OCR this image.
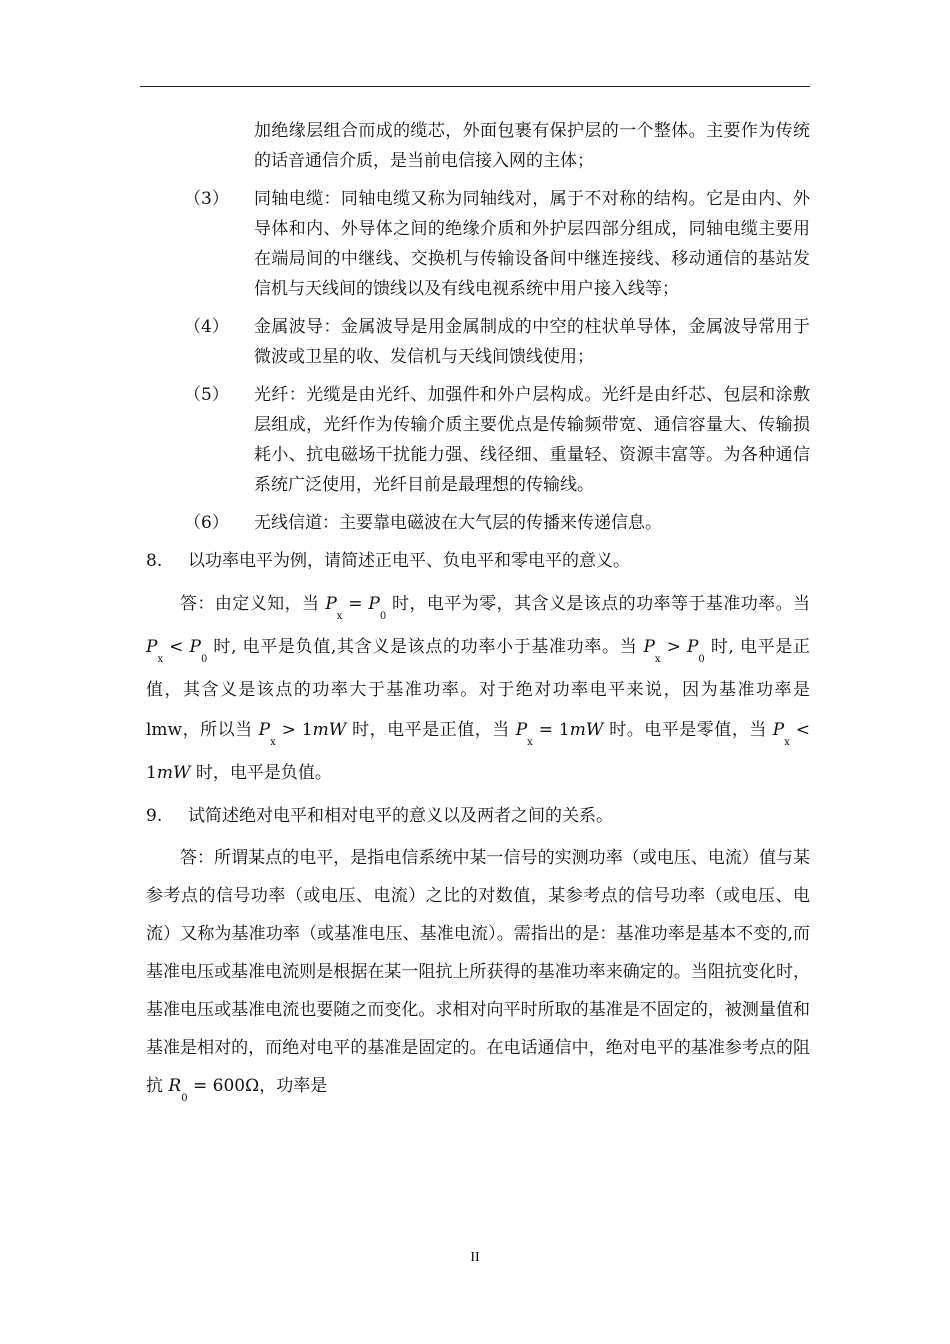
加绝缘层组合而成的缆芯，外面包裹有保护层的一个整体。主要作为传统的话音通信介质，是当前电信接入网的主体；
（3）	同轴电缆：同轴电缆又称为同轴线对，属于不对称的结构。它是由内、外导体和内、外导体之间的绝缘介质和外护层四部分组成，同轴电缆主要用在端局间的中继线、交换机与传输设备间中继连接线、移动通信的基站发信机与天线间的馈线以及有线电视系统中用户接入线等；
（4）	金属波导：金属波导是用金属制成的中空的柱状单导体，金属波导常用于微波或卫星的收、发信机与天线间馈线使用；
（5）	光纤：光缆是由光纤、加强件和外户层构成。光纤是由纤芯、包层和涂敷层组成，光纤作为传输介质主要优点是传输频带宽、通信容量大、传输损耗小、抗电磁场干扰能力强、线径细、重量轻、资源丰富等。为各种通信系统广泛使用，光纤目前是最理想的传输线。
（6）	无线信道：主要靠电磁波在大气层的传播来传递信息。
8.	以功率电平为例，请简述正电平、负电平和零电平的意义。

答：由定义知，当 $P_x = P_0$ 时，电平为零，其含义是该点的功率等于基准功率。当 $P_x < P_0$ 时, 电平是负值,其含义是该点的功率小于基准功率。当 $P_x > P_0$ 时, 电平是正值，其含义是该点的功率大于基准功率。对于绝对功率电平来说，因为基准功率是 lmw，所以当 $P_x > 1mW$ 时，电平是正值，当 $P_x = 1mW$ 时。电平是零值，当 $P_x < 1mW$ 时，电平是负值。

9.	试简述绝对电平和相对电平的意义以及两者之间的关系。

答：所谓某点的电平，是指电信系统中某一信号的实测功率（或电压、电流）值与某参考点的信号功率（或电压、电流）之比的对数值，某参考点的信号功率（或电压、电流）又称为基准功率（或基准电压、基准电流）。需指出的是：基准功率是基本不变的,而基准电压或基准电流则是根据在某一阻抗上所获得的基准功率来确定的。当阻抗变化时，基准电压或基准电流也要随之而变化。求相对向平时所取的基准是不固定的，被测量值和基准是相对的，而绝对电平的基准是固定的。在电话通信中，绝对电平的基准参考点的阻抗 $R_0 = 600\Omega$，功率是

II
